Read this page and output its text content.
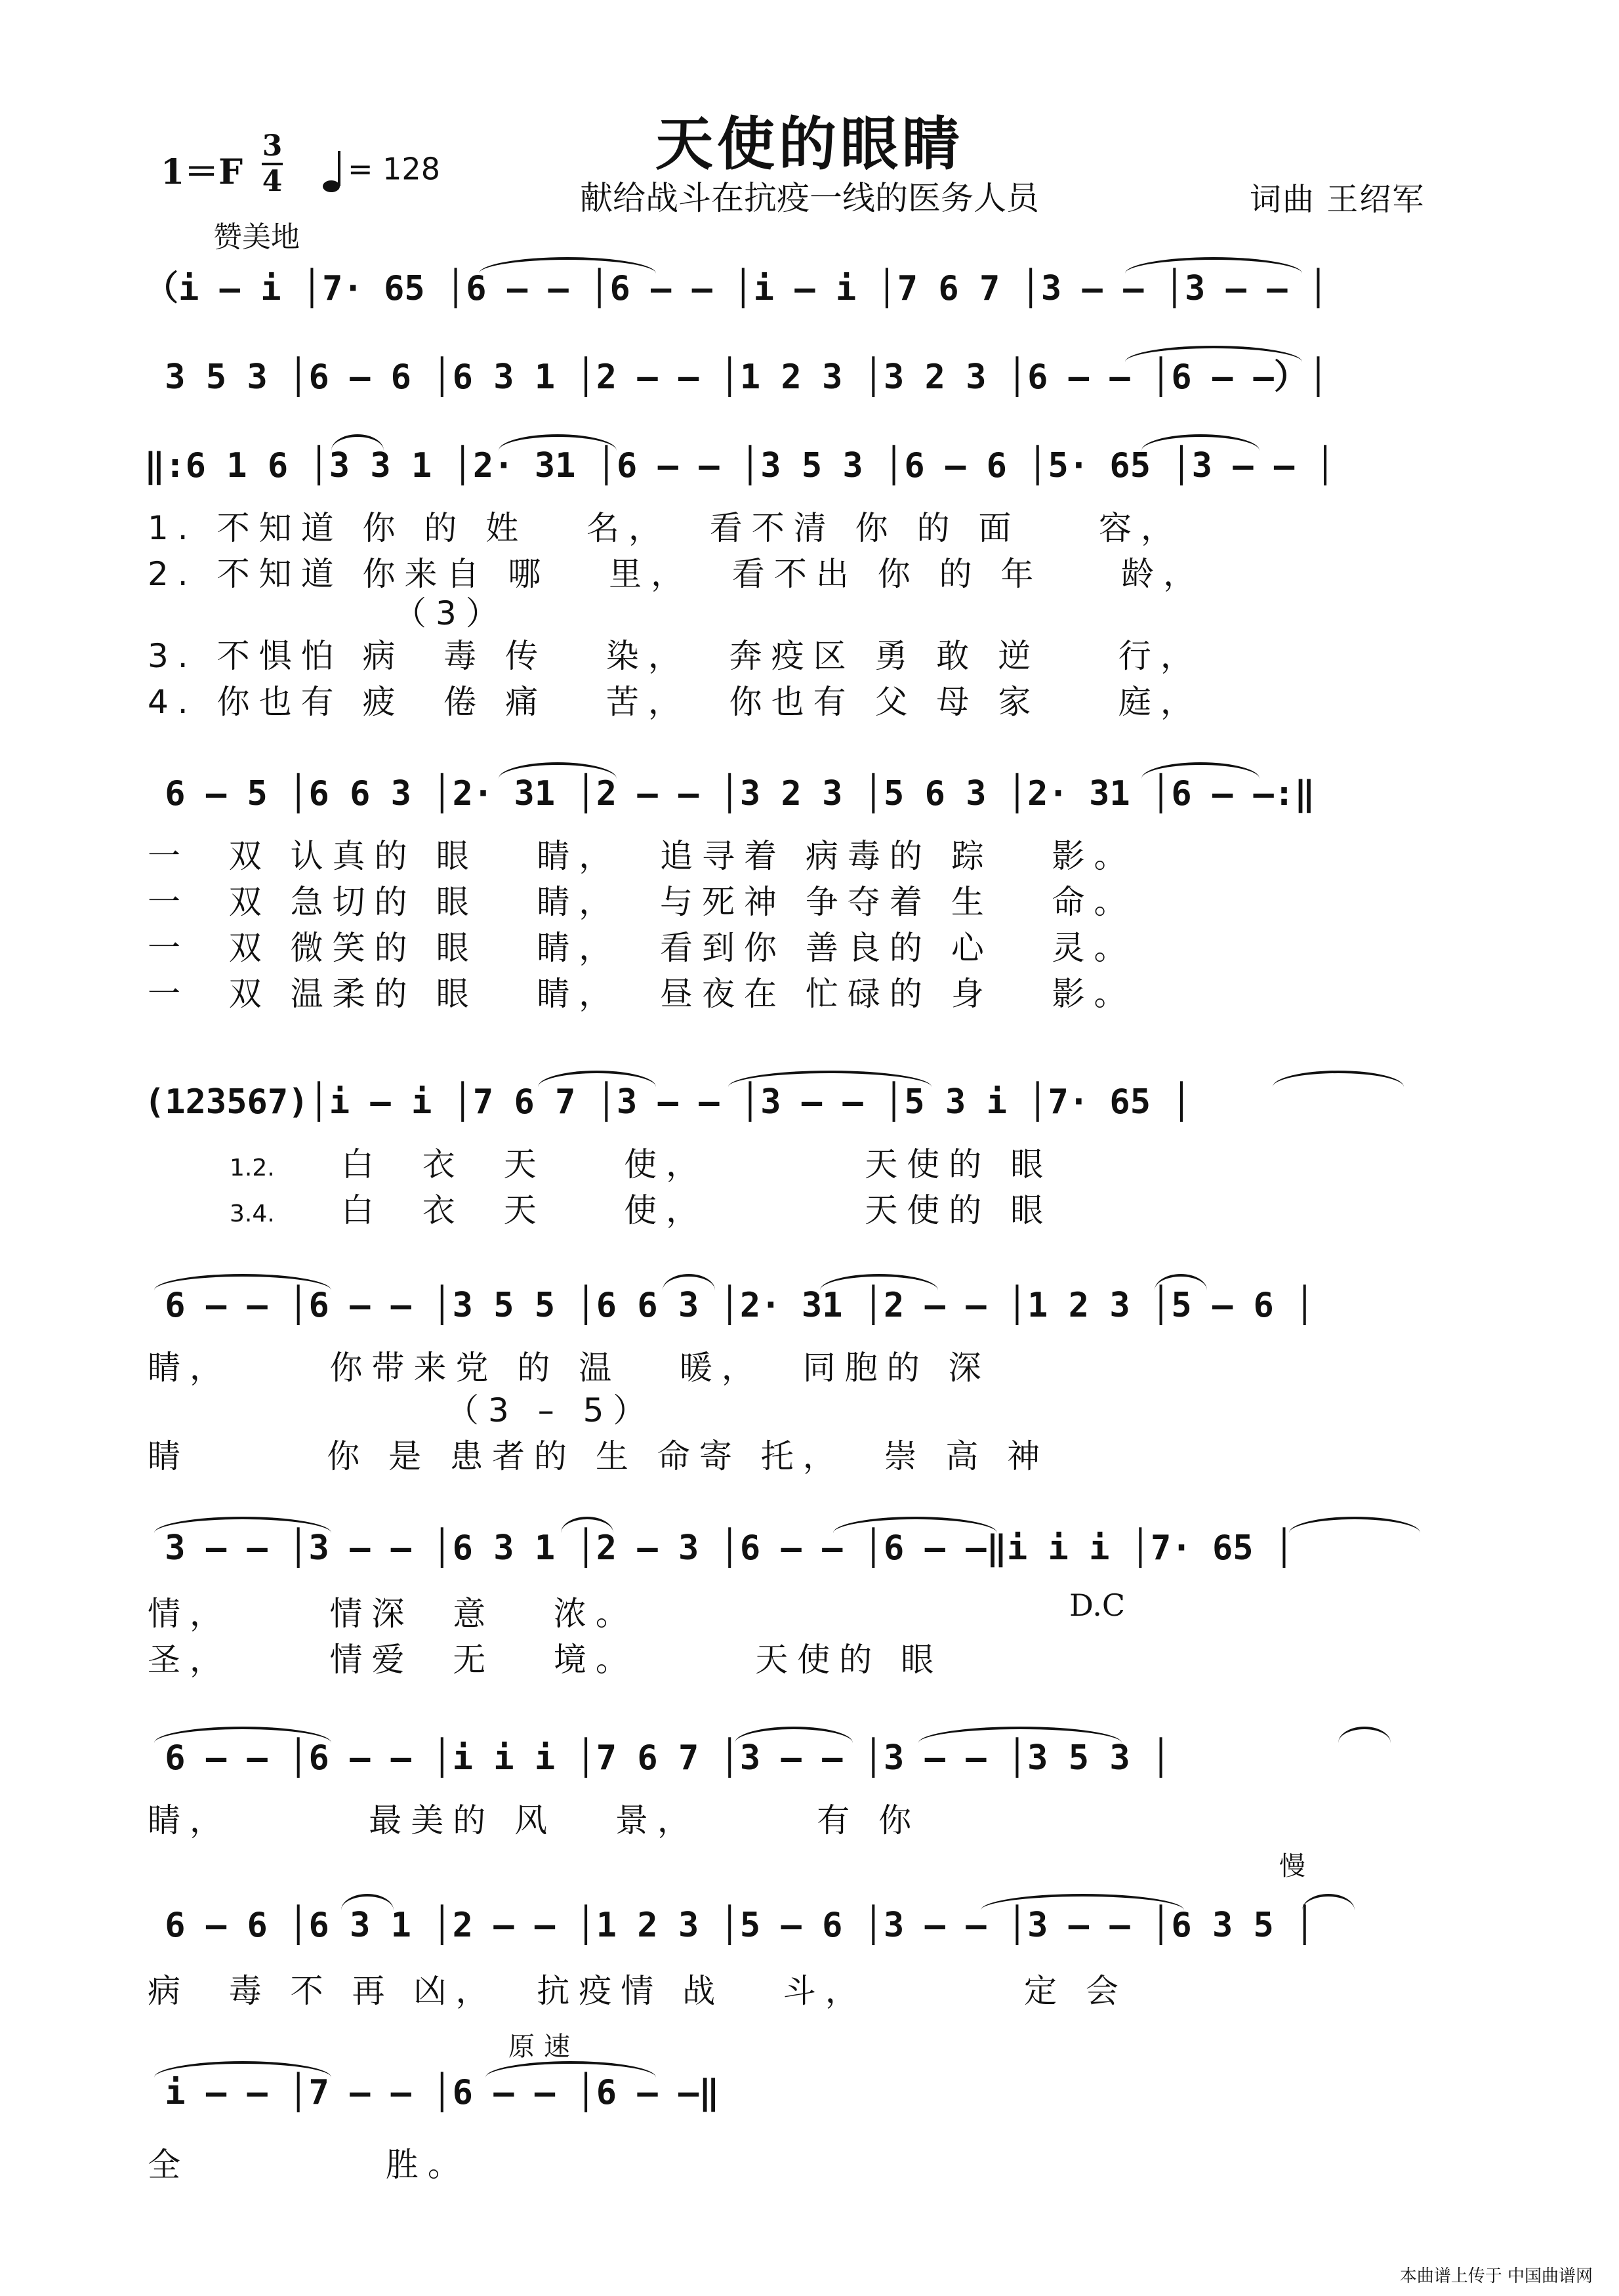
天使的眼睛
献给战斗在抗疫一线的医务人员
1＝F
3
4	= 128
赞美地
词曲 王绍军
（i – i │7· 65 │6 – – │6 – – │i – i │7 6 7 │3 – – │3 – – │
3 5 3 │6 – 6 │6 3 1 │2 – – │1 2 3 │3 2 3 │6 – – │6 – –）│
‖:6 1 6 │3 3 1 │2· 31 │6 – – │3 5 3 │6 – 6 │5· 65 │3 – – │
1. 不知道 你 的 姓   名，  看不清 你 的 面    容，
2. 不知道 你来自 哪   里，  看不出 你 的 年    龄，
（3）
3. 不惧怕 病  毒 传   染，  奔疫区 勇 敢 逆    行，
4. 你也有 疲  倦 痛   苦，  你也有 父 母 家    庭，
6 – 5 │6 6 3 │2· 31 │2 – – │3 2 3 │5 6 3 │2· 31 │6 – –:‖
一  双 认真的 眼   睛，  追寻着 病毒的 踪   影。
一  双 急切的 眼   睛，  与死神 争夺着 生   命。
一  双 微笑的 眼   睛，  看到你 善良的 心   灵。
一  双 温柔的 眼   睛，  昼夜在 忙碌的 身   影。
(123567)│i – i │7 6 7 │3 – – │3 – – │5 3 i │7· 65 │
1.2.	白  衣  天    使，        天使的 眼
3.4.	白  衣  天    使，        天使的 眼
6 – – │6 – – │3 5 5 │6 6 3 │2· 31 │2 – – │1 2 3 │5 – 6 │
睛，     你带来党 的 温   暖，  同胞的 深
（3 – 5）
睛       你 是 患者的 生 命寄 托，  崇 高 神
3 – – │3 – – │6 3 1 │2 – 3 │6 – – │6 – –‖i i i │7· 65 │
情，     情深  意   浓。	D.C
圣，     情爱  无   境。      天使的 眼
6 – – │6 – – │i i i │7 6 7 │3 – – │3 – – │3 5 3 │
睛，       最美的 风   景，      有 你
慢
6 – 6 │6 3 1 │2 – – │1 2 3 │5 – 6 │3 – – │3 – – │6 3 5 │
病  毒 不 再 凶，  抗疫情 战   斗，        定 会
原速
i – – │7 – – │6 – – │6 – –‖
全          胜。
本曲谱上传于 中国曲谱网
